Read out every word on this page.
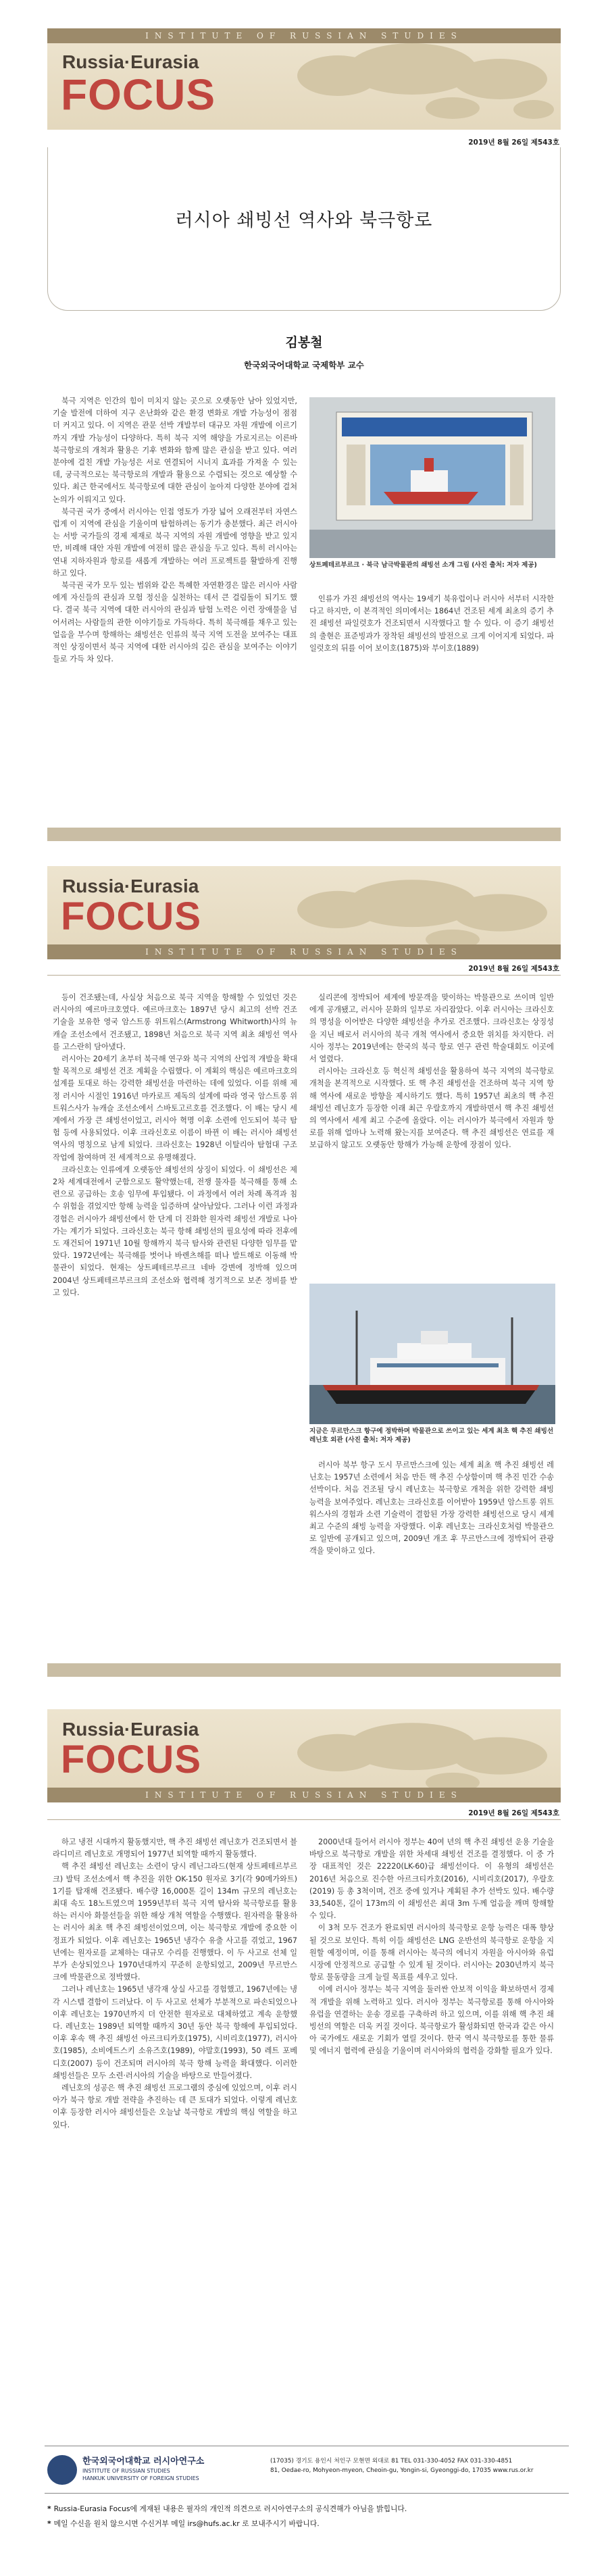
INSTITUTE OF RUSSIAN STUDIES
Russia·Eurasia
FOCUS
2019년 8월 26일 제543호
러시아 쇄빙선 역사와 북극항로
김봉철
한국외국어대학교 국제학부 교수

북극 지역은 인간의 힘이 미치지 않는 곳으로 오랫동안 남아 있었지만, 기술 발전에 더하여 지구 온난화와 같은 환경 변화로 개발 가능성이 점점 더 커지고 있다. 이 지역은 관문 선박 개발부터 대규모 자원 개발에 이르기까지 개발 가능성이 다양하다. 특히 북극 지역 해양을 가로지르는 이른바 북극항로의 개척과 활용은 기후 변화와 함께 많은 관심을 받고 있다. 여러 분야에 걸친 개발 가능성은 서로 연결되어 시너지 효과를 가져올 수 있는데, 궁극적으로는 북극항로의 개발과 활용으로 수렴되는 것으로 예상할 수 있다. 최근 한국에서도 북극항로에 대한 관심이 높아져 다양한 분야에 걸쳐 논의가 이뤄지고 있다.

북극권 국가 중에서 러시아는 인접 영토가 가장 넓어 오래전부터 자연스럽게 이 지역에 관심을 기울이며 탐험하려는 동기가 충분했다. 최근 러시아는 서방 국가들의 경제 제재로 북극 지역의 자원 개발에 영향을 받고 있지만, 비례해 대안 자원 개발에 여전히 많은 관심을 두고 있다. 특히 러시아는 연내 지하자원과 항로를 새롭게 개발하는 여러 프로젝트를 활발하게 진행하고 있다.

북극권 국가 모두 있는 범위와 같은 특혜한 자연환경은 많은 러시아 사람에게 자신들의 관심과 모험 정신을 실천하는 데서 큰 걸림돌이 되기도 했다. 결국 북극 지역에 대한 러시아의 관심과 탐험 노력은 이런 장애물을 넘어서려는 사람들의 관한 이야기들로 가득하다. 특히 북극해를 채우고 있는 얼음을 부수며 항해하는 쇄빙선은 인류의 북극 지역 도전을 보여주는 대표적인 상징이면서 북극 지역에 대한 러시아의 깊은 관심을 보여주는 이야기들로 가득 차 있다.

상트페테르부르크 · 북극 남극박물관의 쇄빙선 소개 그림 (사진 출처: 저자 제공)

인류가 가진 쇄빙선의 역사는 19세기 북유럽이나 러시아 서부터 시작한다고 하지만, 이 본격적인 의미에서는 1864년 건조된 세계 최초의 증기 추진 쇄빙선 파일럿호가 건조되면서 시작했다고 할 수 있다. 이 증기 쇄빙선의 출현은 표준빙과가 장착된 쇄빙선의 발전으로 크게 이어지게 되었다. 파일럿호의 뒤를 이어 보이호(1875)와 부이호(1889)

Russia·Eurasia
FOCUS
INSTITUTE OF RUSSIAN STUDIES
2019년 8월 26일 제543호

등이 건조됐는데, 사실상 처음으로 북극 지역을 항해할 수 있었던 것은 러시아의 예르마크호였다. 예르마크호는 1897년 당시 최고의 선박 건조 기술을 보유한 영국 암스트롱 위트워스(Armstrong Whitworth)사의 뉴캐슬 조선소에서 건조됐고, 1898년 처음으로 북극 지역 최초 쇄빙선 역사를 고스란히 담아냈다.

러시아는 20세기 초부터 북극해 연구와 북극 지역의 산업적 개발을 확대할 목적으로 쇄빙선 건조 계획을 수립했다. 이 계획의 핵심은 예르마크호의 설계를 토대로 하는 강력한 쇄빙선을 마련하는 데에 있었다. 이를 위해 제정 러시아 시절인 1916년 마카로프 제독의 설계에 따라 영국 암스트롱 위트워스사가 뉴캐슬 조선소에서 스바토고르호를 건조했다. 이 배는 당시 세계에서 가장 큰 쇄빙선이었고, 러시아 혁명 이후 소련에 인도되어 북극 탐험 등에 사용되었다. 이후 크라신호로 이름이 바뀐 이 배는 러시아 쇄빙선 역사의 명칭으로 남게 되었다. 크라신호는 1928년 이탈리아 탐험대 구조 작업에 참여하며 전 세계적으로 유명해졌다.

크라신호는 인류에게 오랫동안 쇄빙선의 상징이 되었다. 이 쇄빙선은 제2차 세계대전에서 군함으로도 활약했는데, 전쟁 물자를 북극해를 통해 소련으로 공급하는 호송 임무에 투입됐다. 이 과정에서 여러 차례 폭격과 침수 위험을 겪었지만 항해 능력을 입증하며 살아남았다. 그러나 이런 과정과 경험은 러시아가 쇄빙선에서 한 단계 더 진화한 원자력 쇄빙선 개발로 나아가는 계기가 되었다. 크라신호는 북극 항해 쇄빙선의 필요성에 따라 전후에도 재건되어 1971년 10월 항해까지 북극 탐사와 관련된 다양한 임무를 맡았다. 1972년에는 북극해를 벗어나 바렌츠해를 떠나 발트해로 이동해 박물관이 되었다. 현재는 상트페테르부르크 네바 강변에 정박해 있으며 2004년 상트페테르부르크의 조선소와 협력해 정기적으로 보존 정비를 받고 있다.

실리콘에 정박되어 세계에 방문객을 맞이하는 박물관으로 쓰이며 일반에게 공개됐고, 러시아 문화의 일부로 자리잡았다. 이후 러시아는 크라신호의 명성을 이어받은 다양한 쇄빙선을 추가로 건조했다. 크라신호는 상징성을 지닌 배로서 러시아의 북극 개척 역사에서 중요한 위치를 차지한다. 러시아 정부는 2019년에는 한국의 북극 항로 연구 관련 학술대회도 이곳에서 열렸다.

러시아는 크라신호 등 혁신적 쇄빙선을 활용하여 북극 지역의 북극항로 개척을 본격적으로 시작했다. 또 핵 추진 쇄빙선을 건조하며 북극 지역 항해 역사에 새로운 방향을 제시하기도 했다. 특히 1957년 최초의 핵 추진 쇄빙선 레닌호가 등장한 이래 최근 우랄호까지 개발하면서 핵 추진 쇄빙선의 역사에서 세계 최고 수준에 올랐다. 이는 러시아가 북극에서 자원과 항로를 위해 얼마나 노력해 왔는지를 보여준다. 핵 추진 쇄빙선은 연료를 재보급하지 않고도 오랫동안 항해가 가능해 운항에 장점이 있다.

지금은 무르만스크 항구에 정박하며 박물관으로 쓰이고 있는 세계 최초 핵 추진 쇄빙선 레닌호 외관 (사진 출처: 저자 제공)

러시아 북부 항구 도시 무르만스크에 있는 세계 최초 핵 추진 쇄빙선 레닌호는 1957년 소련에서 처음 만든 핵 추진 수상함이며 핵 추진 민간 수송 선박이다. 처음 건조될 당시 레닌호는 북극항로 개척을 위한 강력한 쇄빙 능력을 보여주었다. 레닌호는 크라신호를 이어받아 1959년 암스트롱 위트워스사의 경험과 소련 기술력이 결합된 가장 강력한 쇄빙선으로 당시 세계 최고 수준의 쇄빙 능력을 자랑했다. 이후 레닌호는 크라신호처럼 박물관으로 일반에 공개되고 있으며, 2009년 개조 후 무르만스크에 정박되어 관광객을 맞이하고 있다.

Russia·Eurasia
FOCUS
INSTITUTE OF RUSSIAN STUDIES
2019년 8월 26일 제543호

하고 냉전 시대까지 활동했지만, 핵 추진 쇄빙선 레닌호가 건조되면서 블라디미르 레닌호로 개명되어 1977년 퇴역할 때까지 활동했다.

핵 추진 쇄빙선 레닌호는 소련이 당시 레닌그라드(현재 상트페테르부르크) 발틱 조선소에서 핵 추진을 위한 OK-150 원자로 3기(각 90메가와트) 1기를 탑재해 건조됐다. 배수량 16,000톤 길이 134m 규모의 레닌호는 최대 속도 18노트였으며 1959년부터 북극 지역 탐사와 북극항로를 활용하는 러시아 화물선들을 위한 해상 개척 역할을 수행했다. 원자력을 활용하는 러시아 최초 핵 추진 쇄빙선이었으며, 이는 북극항로 개발에 중요한 이정표가 되었다. 이후 레닌호는 1965년 냉각수 유출 사고를 겪었고, 1967년에는 원자로를 교체하는 대규모 수리를 진행했다. 이 두 사고로 선체 일부가 손상되었으나 1970년대까지 꾸준히 운항되었고, 2009년 무르만스크에 박물관으로 정박했다.

그러나 레닌호는 1965년 냉각재 상실 사고를 경험했고, 1967년에는 냉각 시스템 결함이 드러났다. 이 두 사고로 선체가 부분적으로 파손되었으나 이후 레닌호는 1970년까지 더 안전한 원자로로 대체하였고 계속 운항했다. 레닌호는 1989년 퇴역할 때까지 30년 동안 북극 항해에 투입되었다. 이후 후속 핵 추진 쇄빙선 아르크티카호(1975), 시비리호(1977), 러시아호(1985), 소비에트스키 소유즈호(1989), 야말호(1993), 50 레트 포베디호(2007) 등이 건조되며 러시아의 북극 항해 능력을 확대했다. 이러한 쇄빙선들은 모두 소련·러시아의 기술을 바탕으로 만들어졌다.

레닌호의 성공은 핵 추진 쇄빙선 프로그램의 중심에 있었으며, 이후 러시아가 북극 항로 개발 전략을 추진하는 데 큰 토대가 되었다. 이렇게 레닌호 이후 등장한 러시아 쇄빙선들은 오늘날 북극항로 개발의 핵심 역할을 하고 있다.

2000년대 들어서 러시아 정부는 40여 년의 핵 추진 쇄빙선 운용 기술을 바탕으로 북극항로 개발을 위한 차세대 쇄빙선 건조를 결정했다. 이 중 가장 대표적인 것은 22220(LK-60)급 쇄빙선이다. 이 유형의 쇄빙선은 2016년 처음으로 진수한 아르크티카호(2016), 시비리호(2017), 우랄호(2019) 등 총 3척이며, 건조 중에 있거나 계획된 추가 선박도 있다. 배수량 33,540톤, 길이 173m의 이 쇄빙선은 최대 3m 두께 얼음을 깨며 항해할 수 있다.

이 3척 모두 건조가 완료되면 러시아의 북극항로 운항 능력은 대폭 향상될 것으로 보인다. 특히 이들 쇄빙선은 LNG 운반선의 북극항로 운항을 지원할 예정이며, 이를 통해 러시아는 북극의 에너지 자원을 아시아와 유럽 시장에 안정적으로 공급할 수 있게 될 것이다. 러시아는 2030년까지 북극항로 물동량을 크게 늘릴 목표를 세우고 있다.

이에 러시아 정부는 북극 지역을 둘러싼 안보적 이익을 확보하면서 경제적 개발을 위해 노력하고 있다. 러시아 정부는 북극항로를 통해 아시아와 유럽을 연결하는 운송 경로를 구축하려 하고 있으며, 이를 위해 핵 추진 쇄빙선의 역할은 더욱 커질 것이다. 북극항로가 활성화되면 한국과 같은 아시아 국가에도 새로운 기회가 열릴 것이다. 한국 역시 북극항로를 통한 물류 및 에너지 협력에 관심을 기울이며 러시아와의 협력을 강화할 필요가 있다.

한국외국어대학교 러시아연구소
INSTITUTE OF RUSSIAN STUDIES
HANKUK UNIVERSITY OF FOREIGN STUDIES
(17035) 경기도 용인시 처인구 모현면 외대로 81 TEL 031-330-4052 FAX 031-330-4851
81, Oedae-ro, Mohyeon-myeon, Cheoin-gu, Yongin-si, Gyeonggi-do, 17035 www.rus.or.kr
* Russia-Eurasia Focus에 게재된 내용은 필자의 개인적 의견으로 러시아연구소의 공식견해가 아님을 밝힙니다.
* 메일 수신을 원치 않으시면 수신거부 메일 irs@hufs.ac.kr 로 보내주시기 바랍니다.
